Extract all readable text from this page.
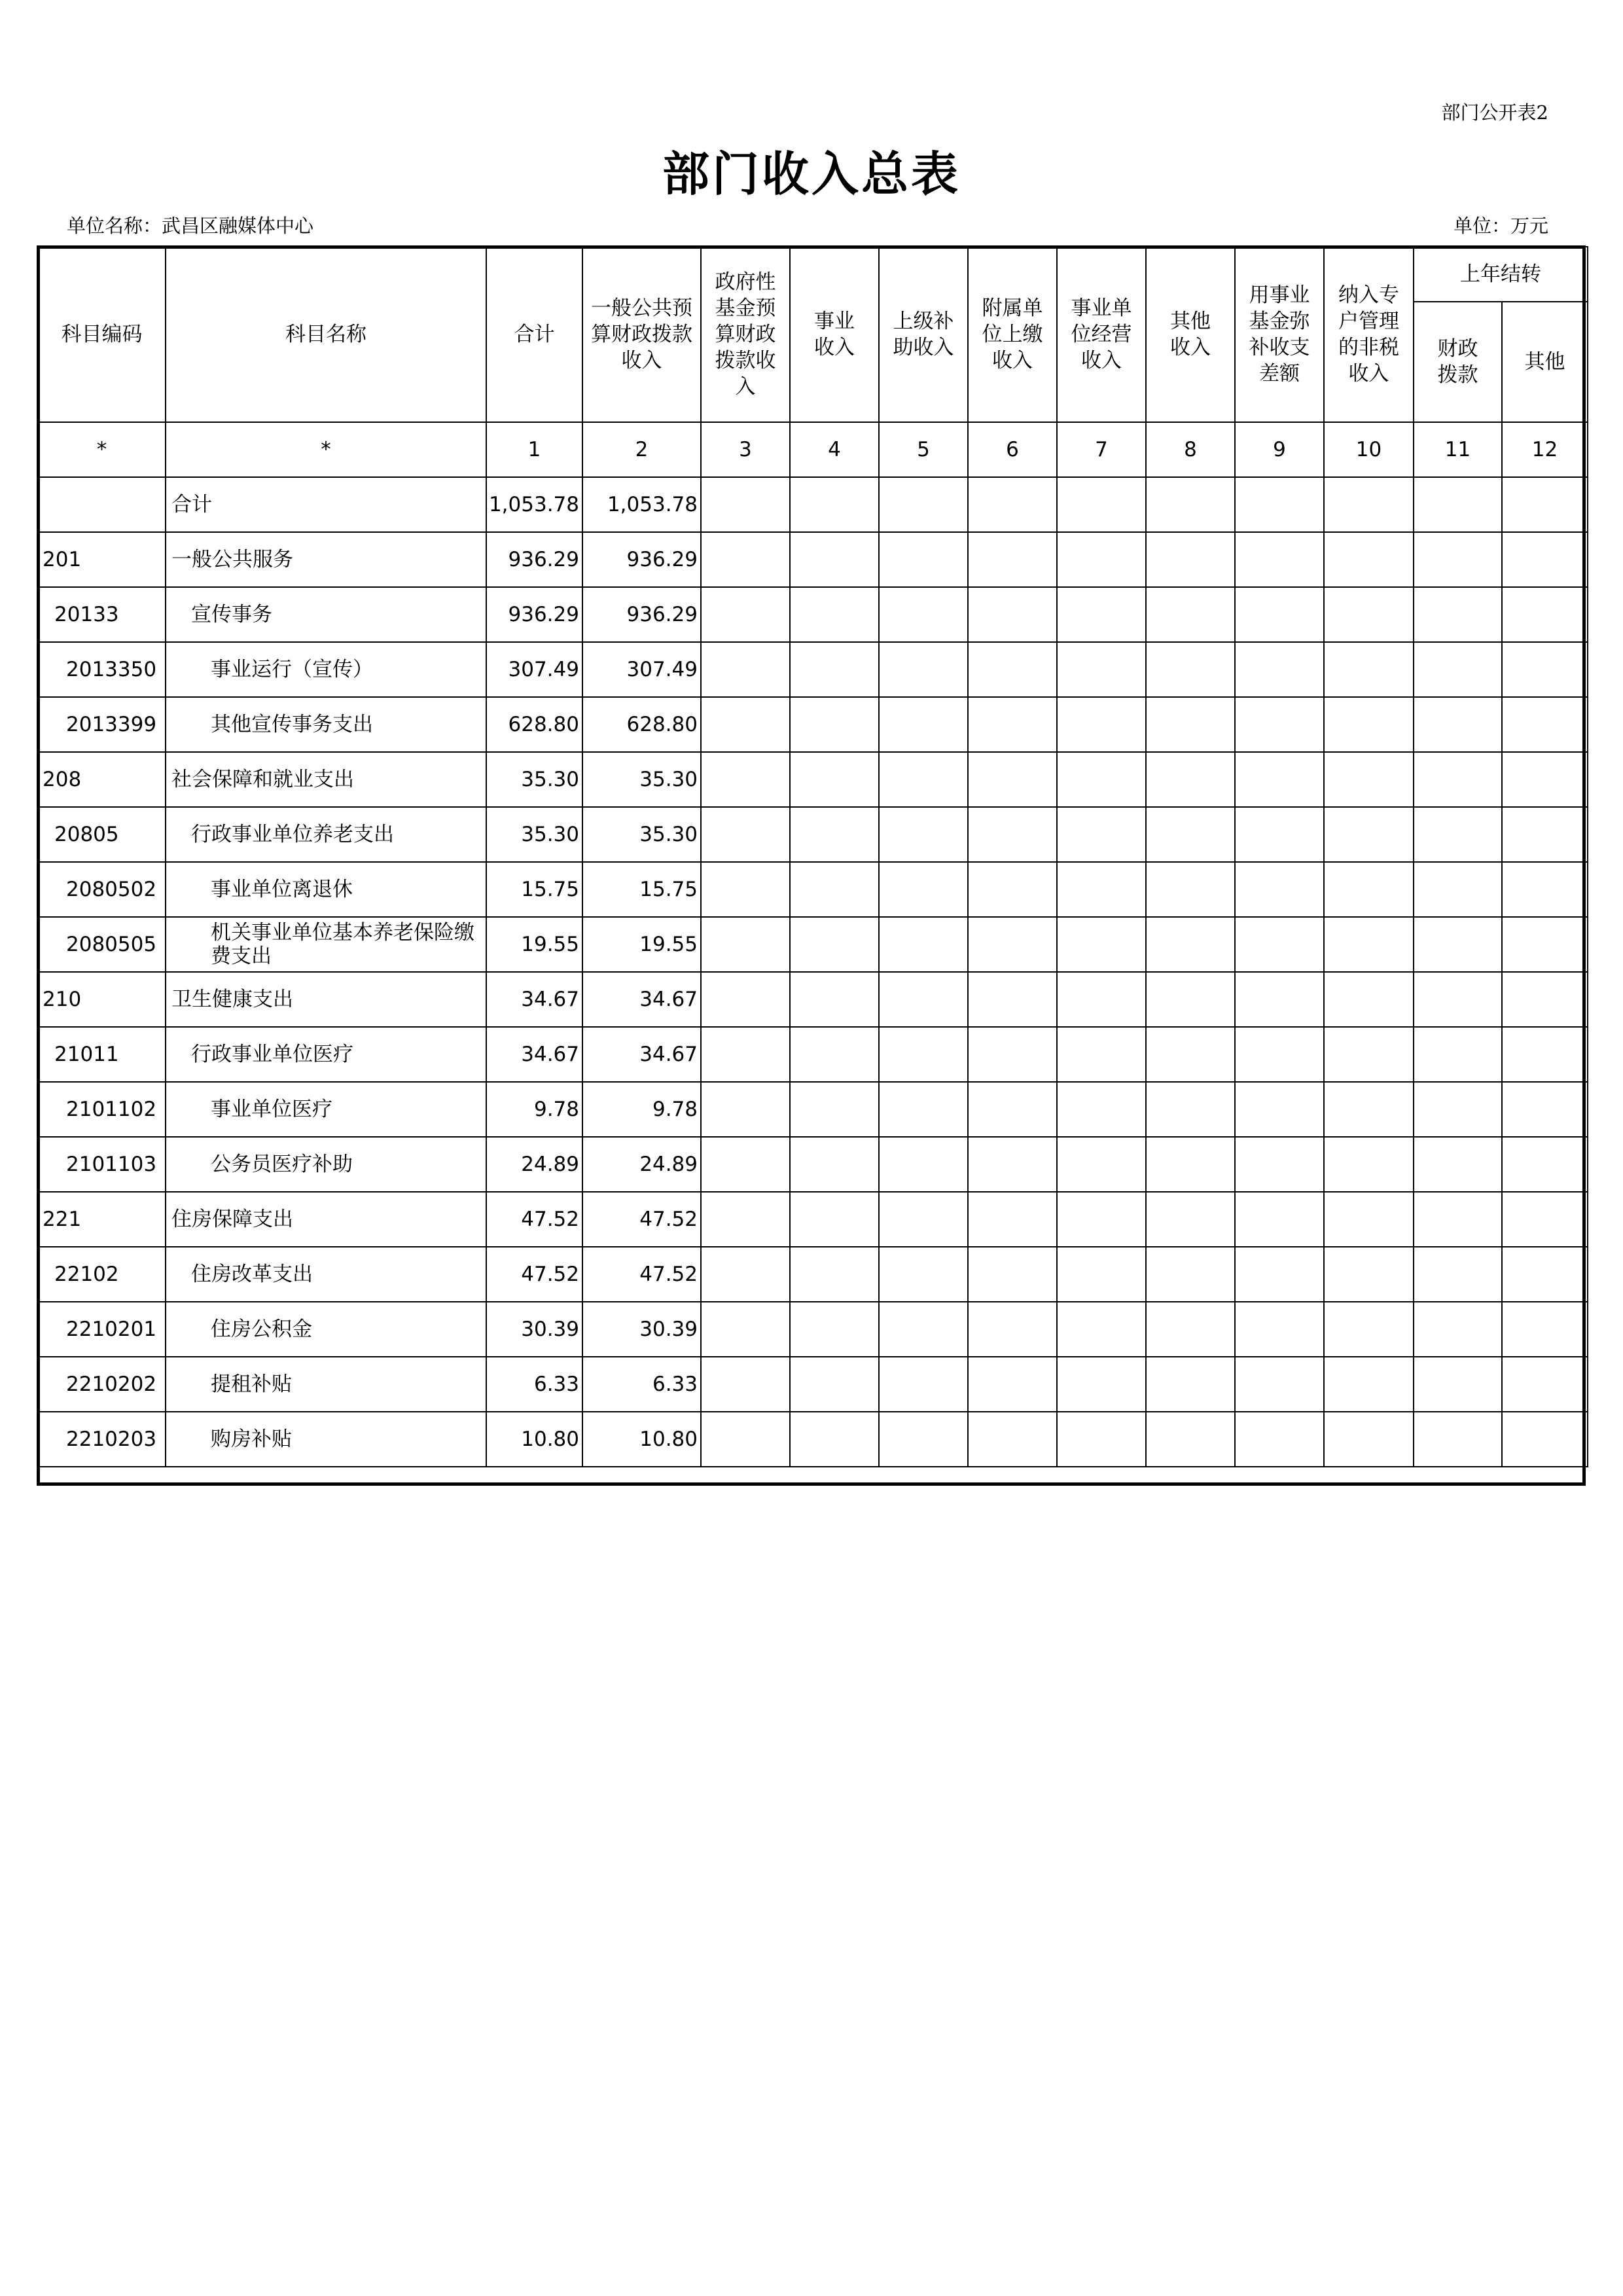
部门公开表2
部门收入总表
单位名称：武昌区融媒体中心	单位：万元
科目编码	科目名称	合计	一般公共预算财政拨款收入	政府性基金预算财政拨款收入	事业收入	上级补助收入	附属单位上缴收入	事业单位经营收入	其他收入	用事业基金弥补收支差额	纳入专户管理的非税收入	上年结转	

												财政拨款	其他
*	*	1	2	3	4	5	6	7	8	9	10	11	12

	合计	1,053.78	1,053.78										

201	一般公共服务	936.29	936.29										

20133	宣传事务	936.29	936.29										

2013350	事业运行（宣传）	307.49	307.49										

2013399	其他宣传事务支出	628.80	628.80										

208	社会保障和就业支出	35.30	35.30										

20805	行政事业单位养老支出	35.30	35.30										

2080502	事业单位离退休	15.75	15.75										

2080505	机关事业单位基本养老保险缴费支出	19.55	19.55										

210	卫生健康支出	34.67	34.67										

21011	行政事业单位医疗	34.67	34.67										

2101102	事业单位医疗	9.78	9.78										

2101103	公务员医疗补助	24.89	24.89										

221	住房保障支出	47.52	47.52										

22102	住房改革支出	47.52	47.52										

2210201	住房公积金	30.39	30.39										

2210202	提租补贴	6.33	6.33										

2210203	购房补贴	10.80	10.80										
